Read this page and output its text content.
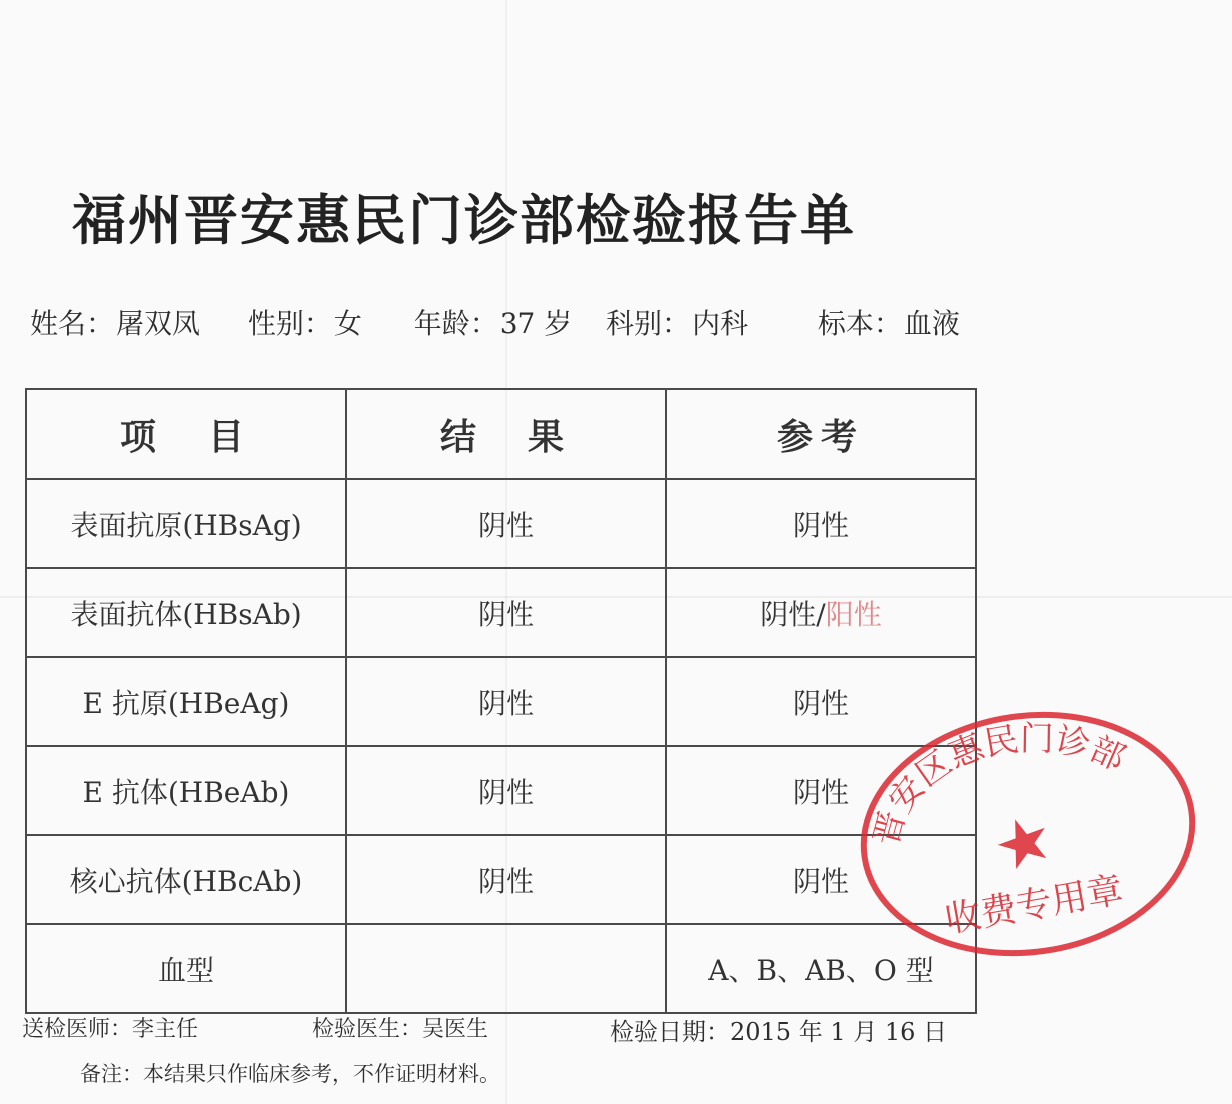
福州晋安惠民门诊部检验报告单
姓名：屠双凤 性别：女 年龄：37 岁 科别：内科 标本：血液
项　目	结　果	参考
表面抗原(HBsAg)	阴性	阴性
表面抗体(HBsAb)	阴性	阴性/阳性
E 抗原(HBeAg)	阴性	阴性
E 抗体(HBeAb)	阴性	阴性
核心抗体(HBcAb)	阴性	阴性
血型		A、B、AB、O 型
送检医师：李主任	检验医生：吴医生	检验日期：2015 年 1 月 16 日
备注：本结果只作临床参考，不作证明材料。
晋安区惠民门诊部
收费专用章
